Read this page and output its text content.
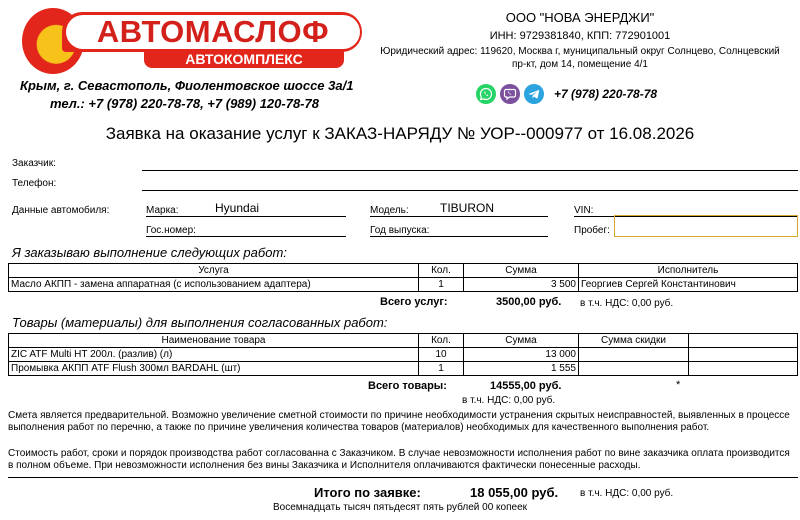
АВТОМАСЛОФ
АВТОКОМПЛЕКС
Крым, г. Севастополь, Фиолентовское шоссе 3а/1
тел.: +7 (978) 220-78-78, +7 (989) 120-78-78
ООО "НОВА ЭНЕРДЖИ"
ИНН: 9729381840, КПП: 772901001
Юридический адрес: 119620, Москва г, муниципальный округ Солнцево, Солнцевский
пр-кт, дом 14, помещение 4/1
+7 (978) 220-78-78
Заявка на оказание услуг к ЗАКАЗ-НАРЯДУ № УОР--000977 от 16.08.2026
Заказчик:
Телефон:
Данные автомобиля:	Марка:	Hyundai	Модель:	TIBURON	VIN:
Гос.номер:	Год выпуска:	Пробег:
Я заказываю выполнение следующих работ:
Услуга	Кол.	Сумма	Исполнитель
Масло АКПП - замена аппаратная (с использованием адаптера)	1	3 500	Георгиев Сергей Константинович
Всего услуг:	3500,00 руб. в т.ч. НДС: 0,00 руб.
Товары (материалы) для выполнения согласованных работ:
Наименование товара	Кол.	Сумма	Сумма скидки	
ZIC ATF Multi HT 200л. (разлив) (л)	10	13 000		
Промывка АКПП ATF Flush 300мл BARDAHL (шт)	1	1 555		
Всего товары:	14555,00 руб.	*
в т.ч. НДС: 0,00 руб.
Смета является предварительной. Возможно увеличение сметной стоимости по причине необходимости устранения скрытых неисправностей, выявленных в процессе выполнения работ по перечню, а также по причине увеличения количества товаров (материалов) необходимых для качественного выполнения работ.
Стоимость работ, сроки и порядок производства работ согласованна с Заказчиком. В случае невозможности исполнения работ по вине заказчика оплата производится в полном объеме. При невозможности исполнения без вины Заказчика и Исполнителя оплачиваются фактически понесенные расходы.
Итого по заявке:	18 055,00 руб. в т.ч. НДС: 0,00 руб.
Восемнадцать тысяч пятьдесят пять рублей 00 копеек
